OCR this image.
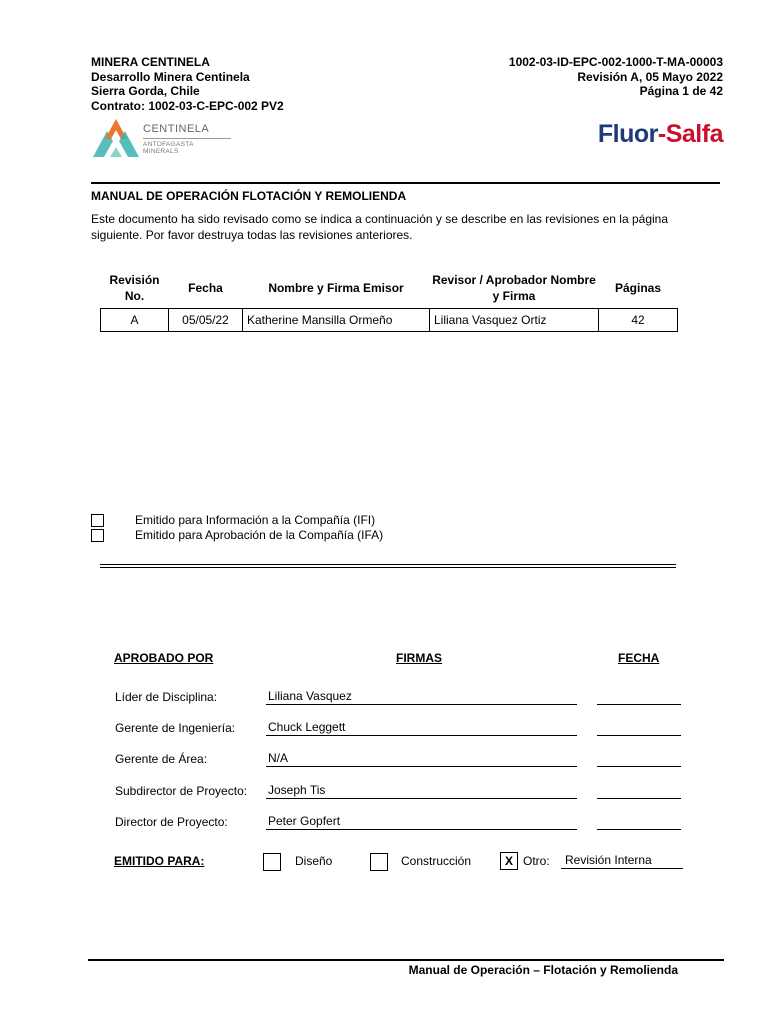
MINERA CENTINELA
Desarrollo Minera Centinela
Sierra Gorda, Chile
Contrato: 1002-03-C-EPC-002 PV2
1002-03-ID-EPC-002-1000-T-MA-00003
Revisión A, 05 Mayo 2022
Página 1 de 42
CENTINELA
ANTOFAGASTA MINERALS
Fluor-Salfa
MANUAL DE OPERACIÓN FLOTACIÓN Y REMOLIENDA
Este documento ha sido revisado como se indica a continuación y se describe en las revisiones en la página siguiente. Por favor destruya todas las revisiones anteriores.
Revisión No.	Fecha	Nombre y Firma Emisor	Revisor / Aprobador Nombre y Firma	Páginas
A	05/05/22	Katherine Mansilla Ormeño	Liliana Vasquez Ortiz	42
Emitido para Información a la Compañía (IFI)
Emitido para Aprobación de la Compañía (IFA)
APROBADO POR	FIRMAS	FECHA
Líder de Disciplina:	Liliana Vasquez
Gerente de Ingeniería:	Chuck Leggett
Gerente de Área:	N/A
Subdirector de Proyecto: Joseph Tis
Director de Proyecto:	Peter Gopfert
EMITIDO PARA:	Diseño	Construcción	X Otro:	Revisión Interna
Manual de Operación – Flotación y Remolienda
